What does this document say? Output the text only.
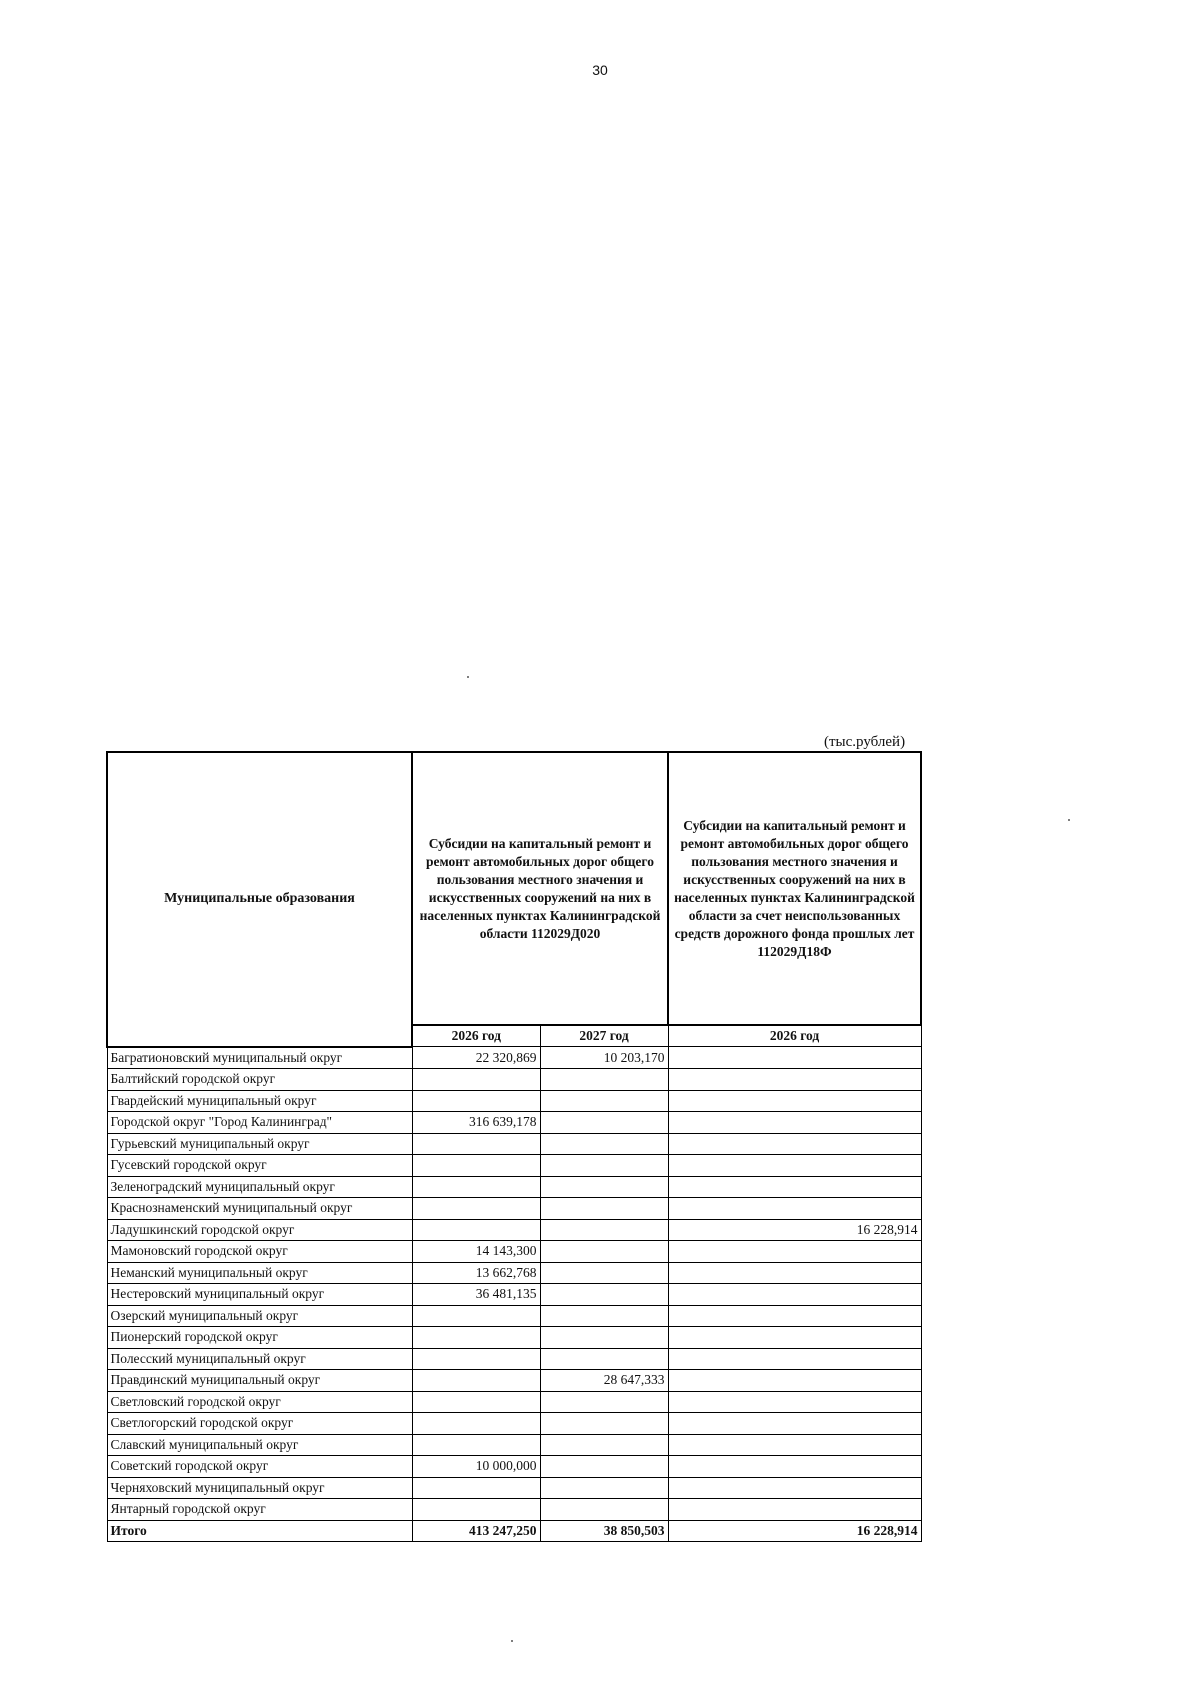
30
(тыс.рублей)
Муниципальные образования	Субсидии на капитальный ремонт и ремонт автомобильных дорог общего пользования местного значения и искусственных сооружений на них в населенных пунктах Калининградской области 112029Д020		Субсидии на капитальный ремонт и ремонт автомобильных дорог общего пользования местного значения и искусственных сооружений на них в населенных пунктах Калининградской области за счет неиспользованных средств дорожного фонда прошлых лет 112029Д18Ф
	2026 год	2027 год	2026 год
Багратионовский муниципальный округ	22 320,869	10 203,170	
Балтийский городской округ			
Гвардейский муниципальный округ			
Городской округ "Город Калининград"	316 639,178		
Гурьевский муниципальный округ			
Гусевский городской округ			
Зеленоградский муниципальный округ			
Краснознаменский муниципальный округ			
Ладушкинский городской округ			16 228,914
Мамоновский городской округ	14 143,300		
Неманский муниципальный округ	13 662,768		
Нестеровский муниципальный округ	36 481,135		
Озерский муниципальный округ			
Пионерский городской округ			
Полесский муниципальный округ			
Правдинский муниципальный округ		28 647,333	
Светловский городской округ			
Светлогорский городской округ			
Славский муниципальный округ			
Советский городской округ	10 000,000		
Черняховский муниципальный округ			
Янтарный городской округ			
Итого	413 247,250	38 850,503	16 228,914
